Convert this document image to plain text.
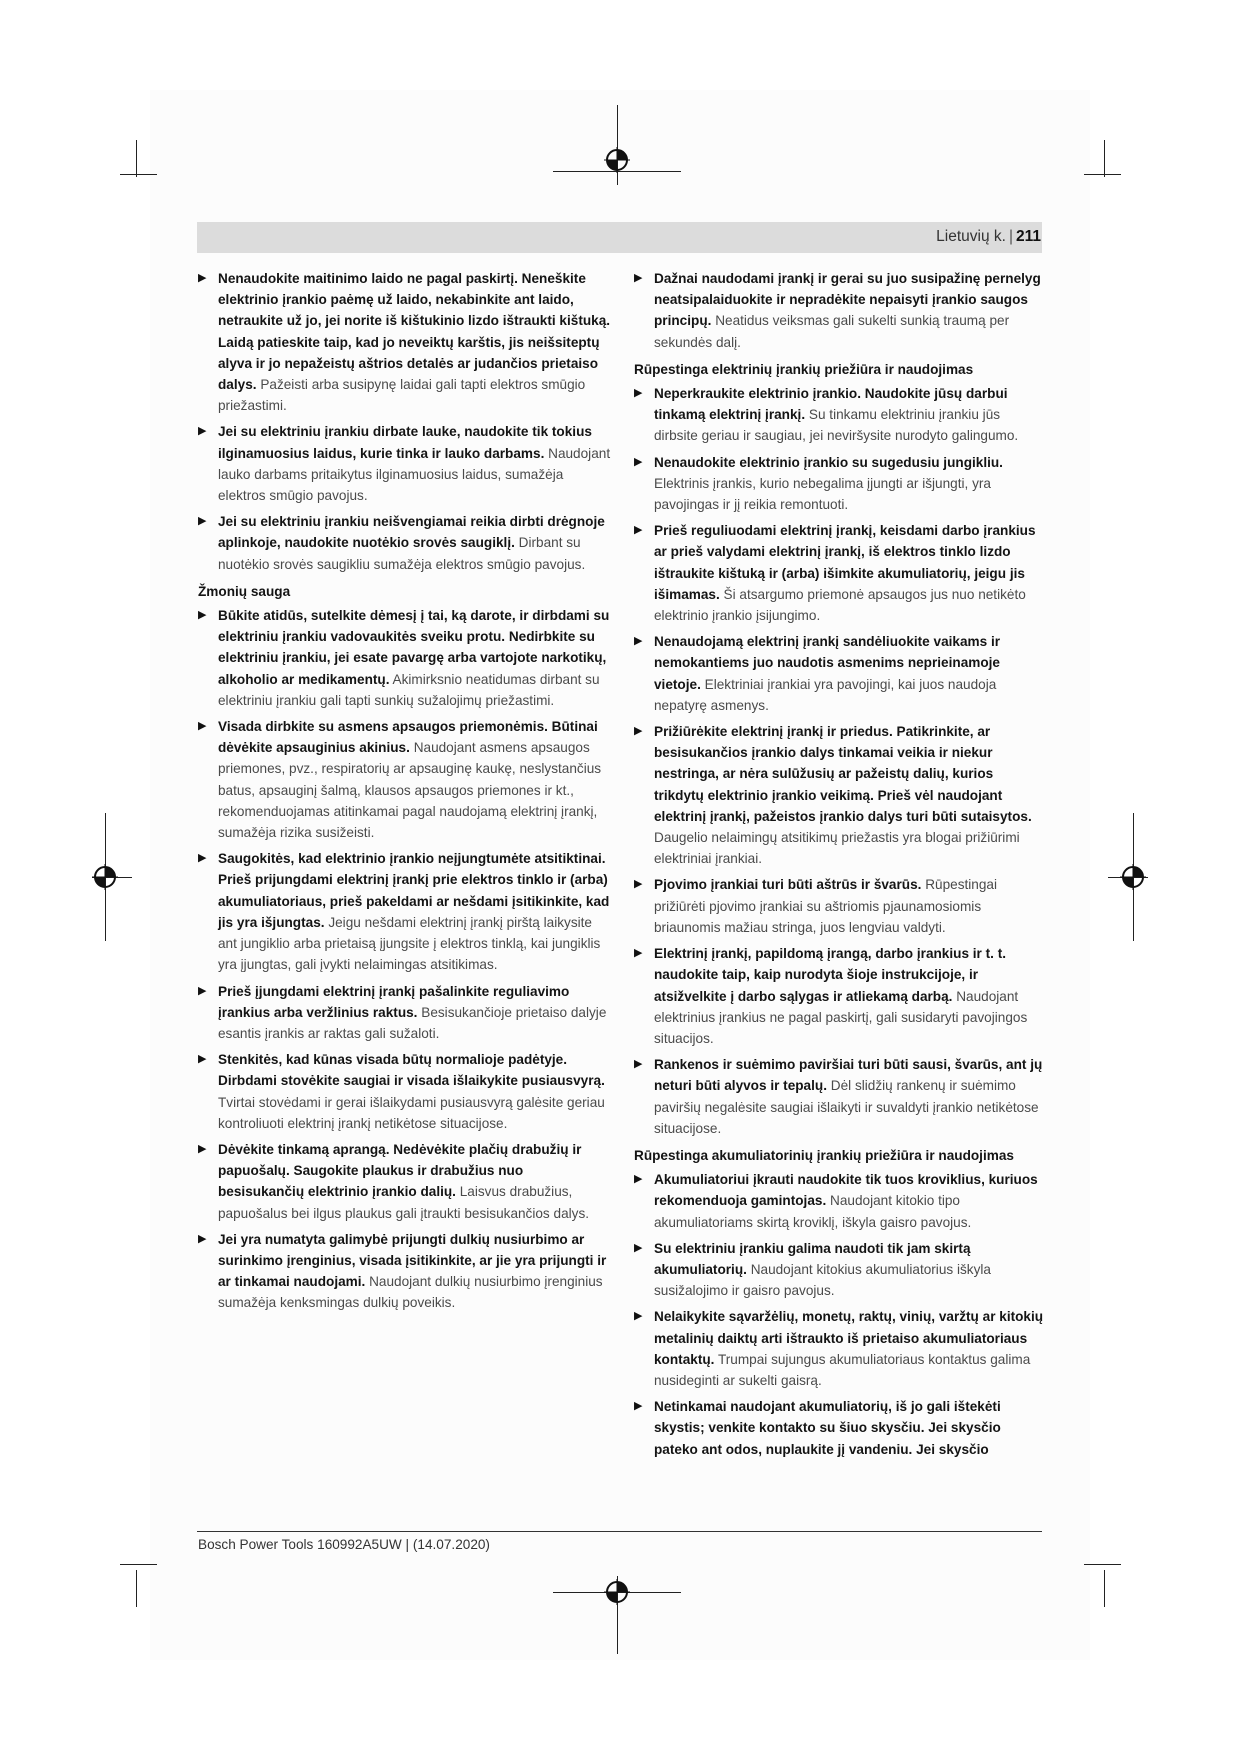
Lietuvių k. | 211
▶ Nenaudokite maitinimo laido ne pagal paskirtį. Neneškite elektrinio įrankio paėmę už laido, nekabinkite ant laido, netraukite už jo, jei norite iš kištukinio lizdo ištraukti kištuką. Laidą patieskite taip, kad jo neveiktų karštis, jis neišsiteptų alyva ir jo nepažeistų aštrios detalės ar judančios prietaiso dalys. Pažeisti arba susipynę laidai gali tapti elektros smūgio priežastimi.
▶ Jei su elektriniu įrankiu dirbate lauke, naudokite tik tokius ilginamuosius laidus, kurie tinka ir lauko darbams. Naudojant lauko darbams pritaikytus ilginamuosius laidus, sumažėja elektros smūgio pavojus.
▶ Jei su elektriniu įrankiu neišvengiamai reikia dirbti drėgnoje aplinkoje, naudokite nuotėkio srovės saugiklį. Dirbant su nuotėkio srovės saugikliu sumažėja elektros smūgio pavojus.
Žmonių sauga
▶ Būkite atidūs, sutelkite dėmesį į tai, ką darote, ir dirbdami su elektriniu įrankiu vadovaukitės sveiku protu. Nedirbkite su elektriniu įrankiu, jei esate pavargę arba vartojote narkotikų, alkoholio ar medikamentų. Akimirksnio neatidumas dirbant su elektriniu įrankiu gali tapti sunkių sužalojimų priežastimi.
▶ Visada dirbkite su asmens apsaugos priemonėmis. Būtinai dėvėkite apsauginius akinius. Naudojant asmens apsaugos priemones, pvz., respiratorių ar apsauginę kaukę, neslystančius batus, apsauginį šalmą, klausos apsaugos priemones ir kt., rekomenduojamas atitinkamai pagal naudojamą elektrinį įrankį, sumažėja rizika susižeisti.
▶ Saugokitės, kad elektrinio įrankio neįjungtumėte atsitiktinai. Prieš prijungdami elektrinį įrankį prie elektros tinklo ir (arba) akumuliatoriaus, prieš pakeldami ar nešdami įsitikinkite, kad jis yra išjungtas. Jeigu nešdami elektrinį įrankį pirštą laikysite ant jungiklio arba prietaisą įjungsite į elektros tinklą, kai jungiklis yra įjungtas, gali įvykti nelaimingas atsitikimas.
▶ Prieš įjungdami elektrinį įrankį pašalinkite reguliavimo įrankius arba veržlinius raktus. Besisukančioje prietaiso dalyje esantis įrankis ar raktas gali sužaloti.
▶ Stenkitės, kad kūnas visada būtų normalioje padėtyje. Dirbdami stovėkite saugiai ir visada išlaikykite pusiausvyrą. Tvirtai stovėdami ir gerai išlaikydami pusiausvyrą galėsite geriau kontroliuoti elektrinį įrankį netikėtose situacijose.
▶ Dėvėkite tinkamą aprangą. Nedėvėkite plačių drabužių ir papuošalų. Saugokite plaukus ir drabužius nuo besisukančių elektrinio įrankio dalių. Laisvus drabužius, papuošalus bei ilgus plaukus gali įtraukti besisukančios dalys.
▶ Jei yra numatyta galimybė prijungti dulkių nusiurbimo ar surinkimo įrenginius, visada įsitikinkite, ar jie yra prijungti ir ar tinkamai naudojami. Naudojant dulkių nusiurbimo įrenginius sumažėja kenksmingas dulkių poveikis.
▶ Dažnai naudodami įrankį ir gerai su juo susipažinę pernelyg neatsipalaiduokite ir nepradėkite nepaisyti įrankio saugos principų. Neatidus veiksmas gali sukelti sunkią traumą per sekundės dalį.
Rūpestinga elektrinių įrankių priežiūra ir naudojimas
▶ Neperkraukite elektrinio įrankio. Naudokite jūsų darbui tinkamą elektrinį įrankį. Su tinkamu elektriniu įrankiu jūs dirbsite geriau ir saugiau, jei neviršysite nurodyto galingumo.
▶ Nenaudokite elektrinio įrankio su sugedusiu jungikliu. Elektrinis įrankis, kurio nebegalima įjungti ar išjungti, yra pavojingas ir jį reikia remontuoti.
▶ Prieš reguliuodami elektrinį įrankį, keisdami darbo įrankius ar prieš valydami elektrinį įrankį, iš elektros tinklo lizdo ištraukite kištuką ir (arba) išimkite akumuliatorių, jeigu jis išimamas. Ši atsargumo priemonė apsaugos jus nuo netikėto elektrinio įrankio įsijungimo.
▶ Nenaudojamą elektrinį įrankį sandėliuokite vaikams ir nemokantiems juo naudotis asmenims neprieinamoje vietoje. Elektriniai įrankiai yra pavojingi, kai juos naudoja nepatyrę asmenys.
▶ Prižiūrėkite elektrinį įrankį ir priedus. Patikrinkite, ar besisukančios įrankio dalys tinkamai veikia ir niekur nestringa, ar nėra sulūžusių ar pažeistų dalių, kurios trikdytų elektrinio įrankio veikimą. Prieš vėl naudojant elektrinį įrankį, pažeistos įrankio dalys turi būti sutaisytos. Daugelio nelaimingų atsitikimų priežastis yra blogai prižiūrimi elektriniai įrankiai.
▶ Pjovimo įrankiai turi būti aštrūs ir švarūs. Rūpestingai prižiūrėti pjovimo įrankiai su aštriomis pjaunamosiomis briaunomis mažiau stringa, juos lengviau valdyti.
▶ Elektrinį įrankį, papildomą įrangą, darbo įrankius ir t. t. naudokite taip, kaip nurodyta šioje instrukcijoje, ir atsižvelkite į darbo sąlygas ir atliekamą darbą. Naudojant elektrinius įrankius ne pagal paskirtį, gali susidaryti pavojingos situacijos.
▶ Rankenos ir suėmimo paviršiai turi būti sausi, švarūs, ant jų neturi būti alyvos ir tepalų. Dėl slidžių rankenų ir suėmimo paviršių negalėsite saugiai išlaikyti ir suvaldyti įrankio netikėtose situacijose.
Rūpestinga akumuliatorinių įrankių priežiūra ir naudojimas
▶ Akumuliatoriui įkrauti naudokite tik tuos kroviklius, kuriuos rekomenduoja gamintojas. Naudojant kitokio tipo akumuliatoriams skirtą kroviklį, iškyla gaisro pavojus.
▶ Su elektriniu įrankiu galima naudoti tik jam skirtą akumuliatorių. Naudojant kitokius akumuliatorius iškyla susižalojimo ir gaisro pavojus.
▶ Nelaikykite sąvaržėlių, monetų, raktų, vinių, varžtų ar kitokių metalinių daiktų arti ištraukto iš prietaiso akumuliatoriaus kontaktų. Trumpai sujungus akumuliatoriaus kontaktus galima nusideginti ar sukelti gaisrą.
▶ Netinkamai naudojant akumuliatorių, iš jo gali ištekėti skystis; venkite kontakto su šiuo skysčiu. Jei skysčio pateko ant odos, nuplaukite jį vandeniu. Jei skysčio
Bosch Power Tools 160992A5UW | (14.07.2020)
